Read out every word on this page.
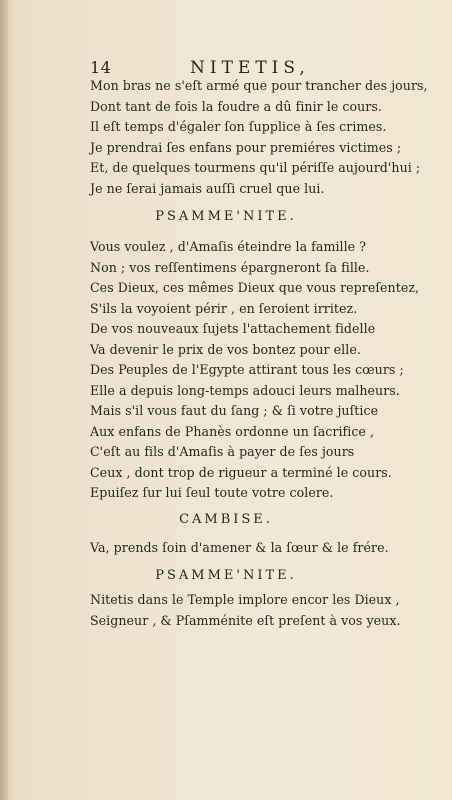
14	NITETIS,
Mon bras ne s'eſt armé que pour trancher des jours,
Dont tant de fois la foudre a dû finir le cours.
Il eſt temps d'égaler ſon ſupplice à ſes crimes.
Je prendrai ſes enfans pour premiéres victimes ;
Et, de quelques tourmens qu'il périſſe aujourd'hui ;
Je ne ſerai jamais auſſi cruel que lui.
PSAMME'NITE.
Vous voulez , d'Amaſis éteindre la famille ?
Non ; vos reſſentimens épargneront ſa fille.
Ces Dieux, ces mêmes Dieux que vous repreſentez,
S'ils la voyoient périr , en ſeroient irritez.
De vos nouveaux ſujets l'attachement fidelle
Va devenir le prix de vos bontez pour elle.
Des Peuples de l'Egypte attirant tous les cœurs ;
Elle a depuis long-temps adouci leurs malheurs.
Mais s'il vous faut du ſang ; & ſi votre juſtice
Aux enfans de Phanès ordonne un ſacrifice ,
C'eſt au fils d'Amaſis à payer de ſes jours
Ceux , dont trop de rigueur a terminé le cours.
Epuiſez ſur lui ſeul toute votre colere.
CAMBISE.
Va, prends ſoin d'amener & la ſœur & le frére.
PSAMME'NITE.
Nitetis dans le Temple implore encor les Dieux ,
Seigneur , & Pſamménite eſt preſent à vos yeux.
